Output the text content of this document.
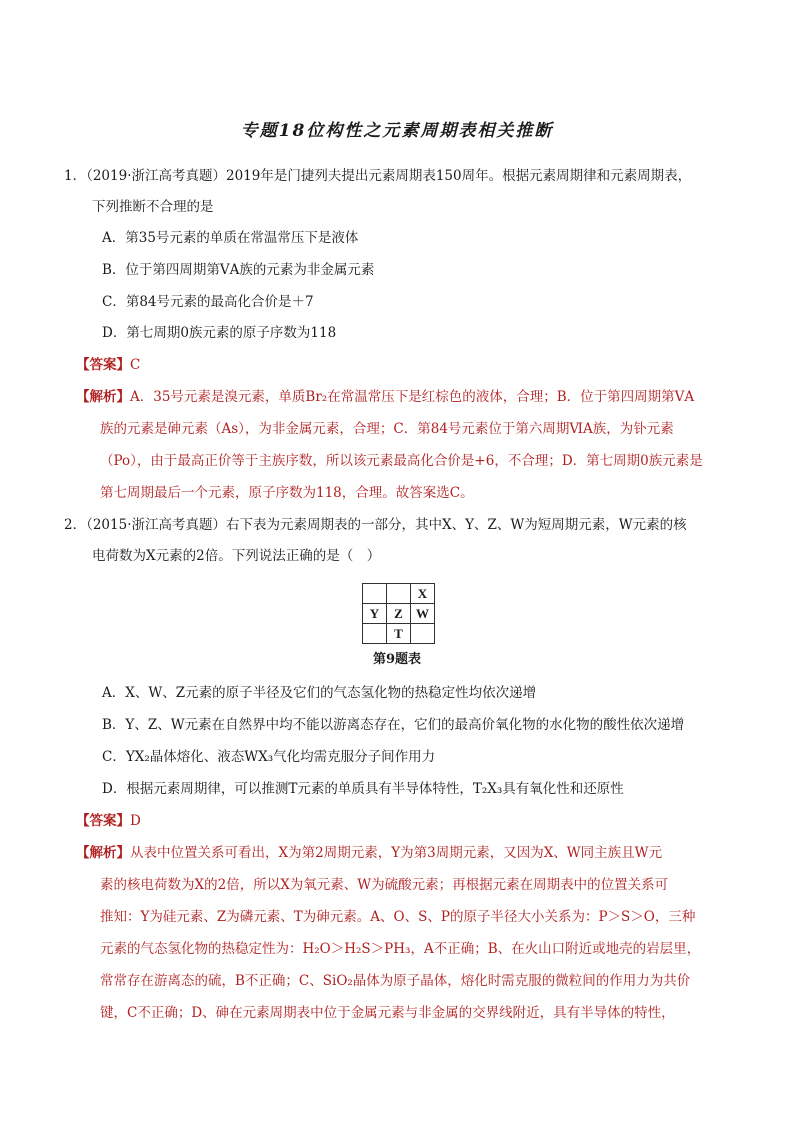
专题18位构性之元素周期表相关推断
1．（2019·浙江高考真题）2019年是门捷列夫提出元素周期表150周年。根据元素周期律和元素周期表，
下列推断不合理的是
A．第35号元素的单质在常温常压下是液体
B．位于第四周期第ⅤA族的元素为非金属元素
C．第84号元素的最高化合价是＋7
D．第七周期0族元素的原子序数为118
【答案】C
【解析】A．35号元素是溴元素，单质Br₂在常温常压下是红棕色的液体，合理；B．位于第四周期第ⅤA
族的元素是砷元素（As），为非金属元素，合理；C．第84号元素位于第六周期ⅥA族，为钋元素
（Po），由于最高正价等于主族序数，所以该元素最高化合价是+6，不合理；D．第七周期0族元素是
第七周期最后一个元素，原子序数为118，合理。故答案选C。
2．（2015·浙江高考真题）右下表为元素周期表的一部分，其中X、Y、Z、W为短周期元素，W元素的核
电荷数为X元素的2倍。下列说法正确的是（　）
		X
Y	Z	W
	T	
第9题表
A．X、W、Z元素的原子半径及它们的气态氢化物的热稳定性均依次递增
B．Y、Z、W元素在自然界中均不能以游离态存在，它们的最高价氧化物的水化物的酸性依次递增
C．YX₂晶体熔化、液态WX₃气化均需克服分子间作用力
D．根据元素周期律，可以推测T元素的单质具有半导体特性，T₂X₃具有氧化性和还原性
【答案】D
【解析】从表中位置关系可看出，X为第2周期元素，Y为第3周期元素，又因为X、W同主族且W元
素的核电荷数为X的2倍，所以X为氧元素、W为硫酸元素；再根据元素在周期表中的位置关系可
推知：Y为硅元素、Z为磷元素、T为砷元素。A、O、S、P的原子半径大小关系为：P＞S＞O，三种
元素的气态氢化物的热稳定性为：H₂O＞H₂S＞PH₃，A不正确；B、在火山口附近或地壳的岩层里，
常常存在游离态的硫，B不正确；C、SiO₂晶体为原子晶体，熔化时需克服的微粒间的作用力为共价
键，C不正确；D、砷在元素周期表中位于金属元素与非金属的交界线附近，具有半导体的特性，
